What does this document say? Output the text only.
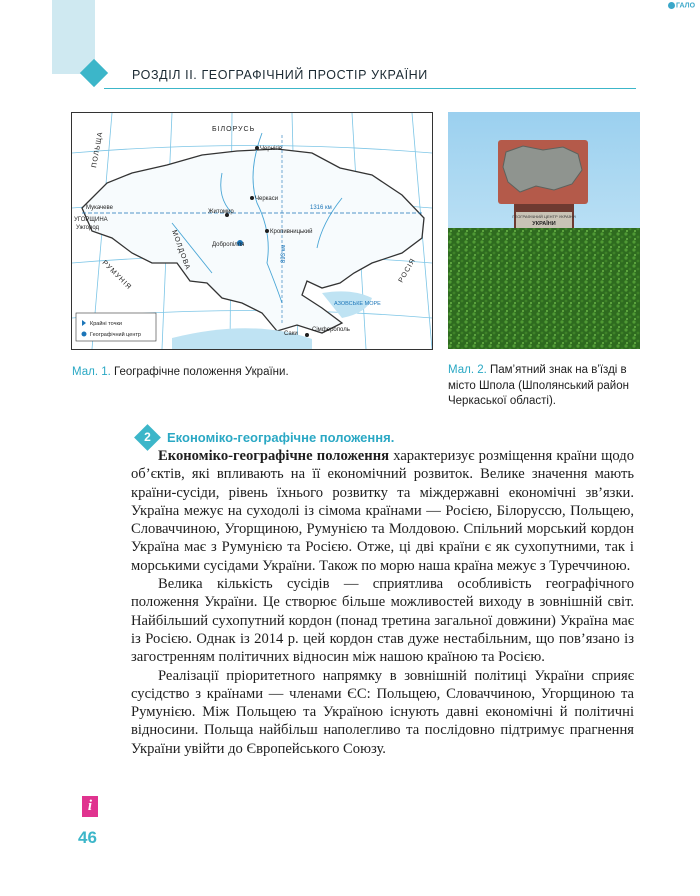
РОЗДІЛ ІІ. ГЕОГРАФІЧНИЙ ПРОСТІР УКРАЇНИ
ГАЛО
ПОЛЬЩА
БІЛОРУСЬ
МОЛДОВА
РУМУНІЯ	РОСІЯ
УГОРЩИНА
Чернігів
Черкаси
Житомир
Кропивницький
Добропілля
Мукачеве
Саки
Сімферополь
Ужгород
АЗОВСЬКЕ МОРЕ
1316 км
893 км
Крайні точки
Географічний центр
ГЕОГРАФІЧНИЙ ЦЕНТР УКРАЇНИ
УКРАЇНИ
Мал. 1. Географічне положення України.	Мал. 2. Пам’ятний знак на в’їзді в місто Шпола (Шполянський район Черкаської області).
2	Економіко-географічне положення.

Економіко-географічне положення характеризує розміщення країни щодо об’єктів, які впливають на її економічний розвиток. Велике значення мають країни-сусіди, рівень їхнього розвитку та міждержавні економічні зв’язки. Україна межує на суходолі із сімома країнами — Росією, Білоруссю, Польщею, Словаччиною, Угорщиною, Румунією та Молдовою. Спільний морський кордон Україна має з Румунією та Росією. Отже, ці дві країни є як сухопутними, так і морськими сусідами України. Також по морю наша країна межує з Туреччиною.

Велика кількість сусідів — сприятлива особливість географічного положення України. Це створює більше можливостей виходу в зовнішній світ. Найбільший сухопутний кордон (понад третина загальної довжини) Україна має із Росією. Однак із 2014 р. цей кордон став дуже нестабільним, що пов’язано із загостренням політичних відносин між нашою країною та Росією.

Реалізації пріоритетного напрямку в зовнішній політиці України сприяє сусідство з країнами — членами ЄС: Польщею, Словаччиною, Угорщиною та Румунією. Між Польщею та Україною існують давні економічні й політичні відносини. Польща найбільш наполегливо та послідовно підтримує прагнення України увійти до Європейського Союзу.

i
46
